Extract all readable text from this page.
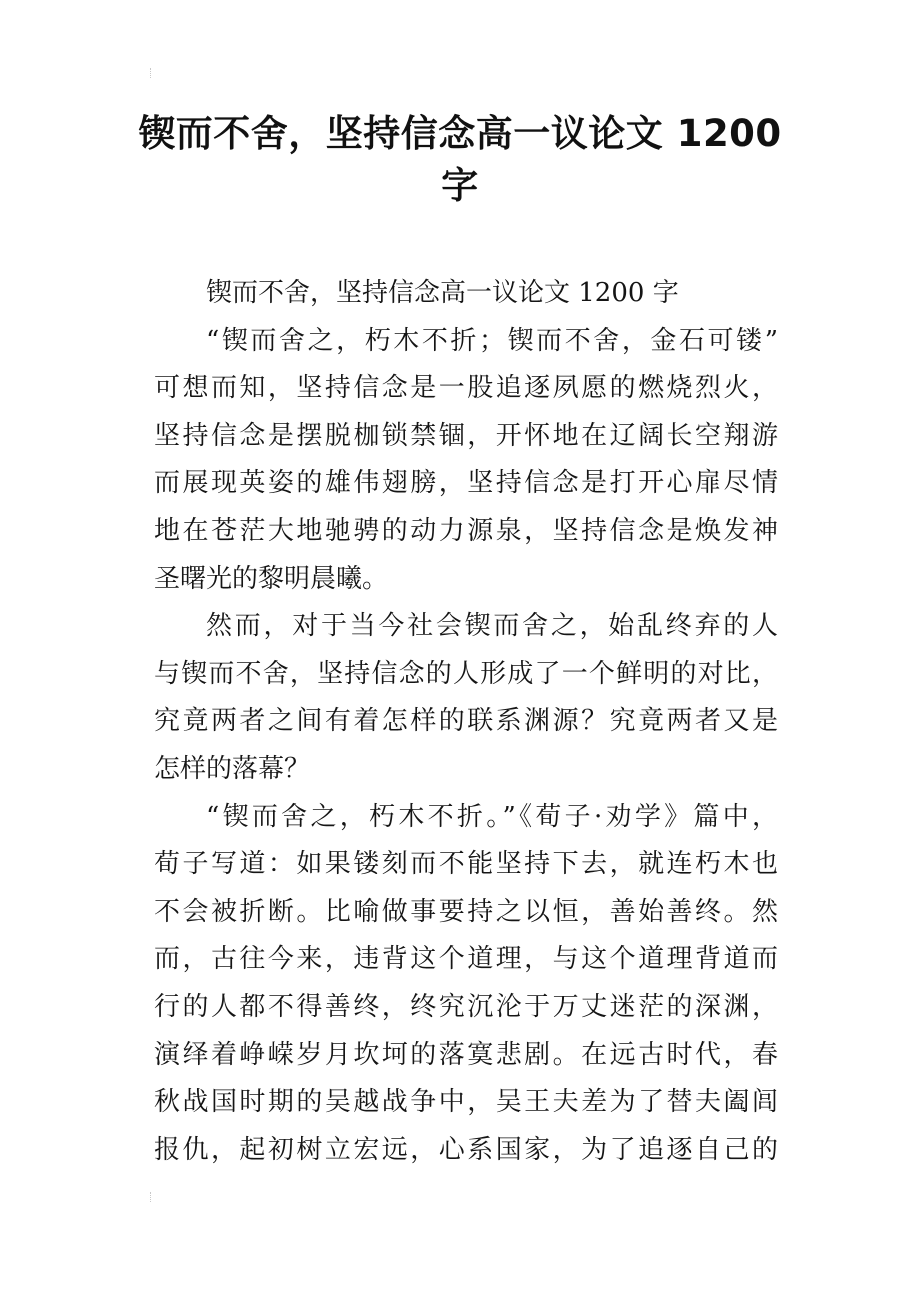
锲而不舍，坚持信念高一议论文 1200
字
锲而不舍，坚持信念高一议论文 1200 字
“锲而舍之，朽木不折；锲而不舍，金石可镂”
可想而知，坚持信念是一股追逐夙愿的燃烧烈火，
坚持信念是摆脱枷锁禁锢，开怀地在辽阔长空翔游
而展现英姿的雄伟翅膀，坚持信念是打开心扉尽情
地在苍茫大地驰骋的动力源泉，坚持信念是焕发神
圣曙光的黎明晨曦。
然而，对于当今社会锲而舍之，始乱终弃的人
与锲而不舍，坚持信念的人形成了一个鲜明的对比，
究竟两者之间有着怎样的联系渊源？究竟两者又是
怎样的落幕？
“锲而舍之，朽木不折。”《荀子·劝学》篇中，
荀子写道：如果镂刻而不能坚持下去，就连朽木也
不会被折断。比喻做事要持之以恒，善始善终。然
而，古往今来，违背这个道理，与这个道理背道而
行的人都不得善终，终究沉沦于万丈迷茫的深渊，
演绎着峥嵘岁月坎坷的落寞悲剧。在远古时代，春
秋战国时期的吴越战争中，吴王夫差为了替夫阖闾
报仇，起初树立宏远，心系国家，为了追逐自己的
